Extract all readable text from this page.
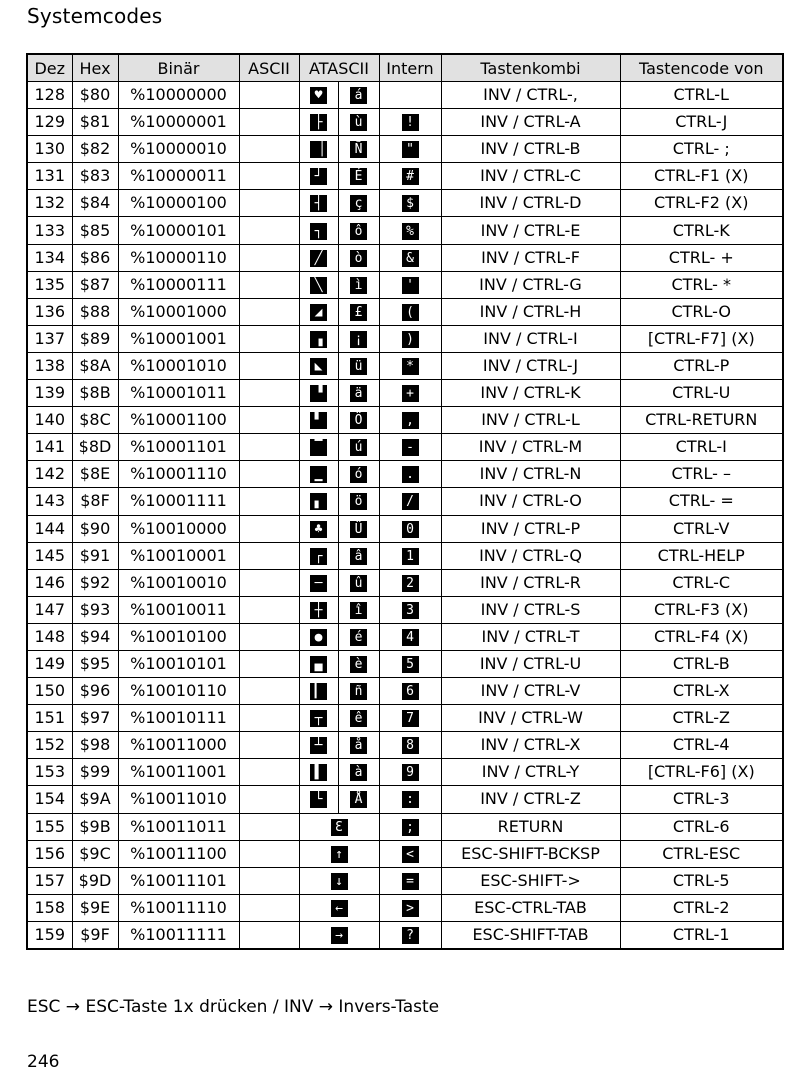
Systemcodes
Dez	Hex	Binär	ASCII	ATASCII		Intern	Tastenkombi	Tastencode von
128	$80	%10000000		♥	á		INV / CTRL-,	CTRL-L
129	$81	%10000001		├	ù	!	INV / CTRL-A	CTRL-J
130	$82	%10000010		▕	Ñ	"	INV / CTRL-B	CTRL- ;
131	$83	%10000011		┘	É	#	INV / CTRL-C	CTRL-F1 (X)
132	$84	%10000100		┤	ç	$	INV / CTRL-D	CTRL-F2 (X)
133	$85	%10000101		┐	ô	%	INV / CTRL-E	CTRL-K
134	$86	%10000110		╱	ò	&	INV / CTRL-F	CTRL- +
135	$87	%10000111		╲	ì	'	INV / CTRL-G	CTRL- *
136	$88	%10001000		◢	£	(	INV / CTRL-H	CTRL-O
137	$89	%10001001		▗	¡	)	INV / CTRL-I	[CTRL-F7] (X)
138	$8A	%10001010		◣	ü	*	INV / CTRL-J	CTRL-P
139	$8B	%10001011		▝	ä	+	INV / CTRL-K	CTRL-U
140	$8C	%10001100		▘	Ö	,	INV / CTRL-L	CTRL-RETURN
141	$8D	%10001101		▔	ú	-	INV / CTRL-M	CTRL-I
142	$8E	%10001110		▁	ó	.	INV / CTRL-N	CTRL- –
143	$8F	%10001111		▖	ö	/	INV / CTRL-O	CTRL- =
144	$90	%10010000		♣	Ü	0	INV / CTRL-P	CTRL-V
145	$91	%10010001		┌	â	1	INV / CTRL-Q	CTRL-HELP
146	$92	%10010010		─	û	2	INV / CTRL-R	CTRL-C
147	$93	%10010011		┼	î	3	INV / CTRL-S	CTRL-F3 (X)
148	$94	%10010100		●	é	4	INV / CTRL-T	CTRL-F4 (X)
149	$95	%10010101		▄	è	5	INV / CTRL-U	CTRL-B
150	$96	%10010110		▎	ñ	6	INV / CTRL-V	CTRL-X
151	$97	%10010111		┬	ê	7	INV / CTRL-W	CTRL-Z
152	$98	%10011000		┴	å	8	INV / CTRL-X	CTRL-4
153	$99	%10011001		▌	à	9	INV / CTRL-Y	[CTRL-F6] (X)
154	$9A	%10011010		└	Å	:	INV / CTRL-Z	CTRL-3
155	$9B	%10011011		Ɛ		;	RETURN	CTRL-6
156	$9C	%10011100		↑		<	ESC-SHIFT-BCKSP	CTRL-ESC
157	$9D	%10011101		↓		=	ESC-SHIFT->	CTRL-5
158	$9E	%10011110		←		>	ESC-CTRL-TAB	CTRL-2
159	$9F	%10011111		→		?	ESC-SHIFT-TAB	CTRL-1

ESC → ESC-Taste 1x drücken / INV → Invers-Taste

246
